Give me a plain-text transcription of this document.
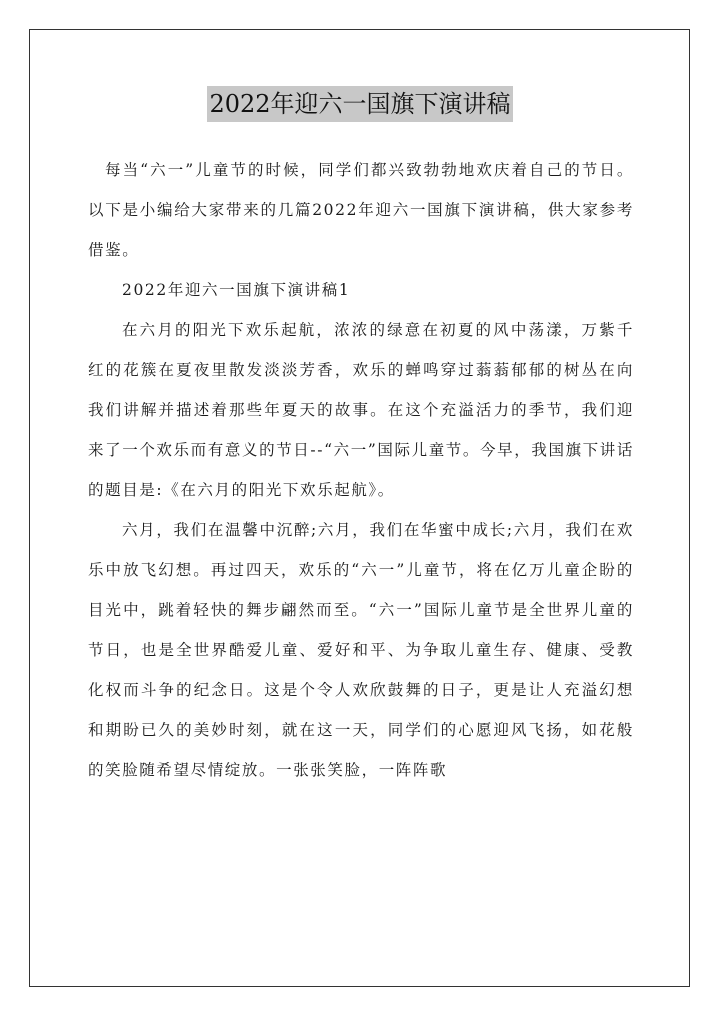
2022年迎六一国旗下演讲稿

每当“六一”儿童节的时候，同学们都兴致勃勃地欢庆着自己的节日。以下是小编给大家带来的几篇2022年迎六一国旗下演讲稿，供大家参考借鉴。

2022年迎六一国旗下演讲稿1

在六月的阳光下欢乐起航，浓浓的绿意在初夏的风中荡漾，万紫千红的花簇在夏夜里散发淡淡芳香，欢乐的蝉鸣穿过蓊蓊郁郁的树丛在向我们讲解并描述着那些年夏天的故事。在这个充溢活力的季节，我们迎来了一个欢乐而有意义的节日--“六一”国际儿童节。今早，我国旗下讲话的题目是:《在六月的阳光下欢乐起航》。

六月，我们在温馨中沉醉;六月，我们在华蜜中成长;六月，我们在欢乐中放飞幻想。再过四天，欢乐的“六一”儿童节，将在亿万儿童企盼的目光中，跳着轻快的舞步翩然而至。“六一”国际儿童节是全世界儿童的节日，也是全世界酷爱儿童、爱好和平、为争取儿童生存、健康、受教化权而斗争的纪念日。这是个令人欢欣鼓舞的日子，更是让人充溢幻想和期盼已久的美妙时刻，就在这一天，同学们的心愿迎风飞扬，如花般的笑脸随希望尽情绽放。一张张笑脸，一阵阵歌
